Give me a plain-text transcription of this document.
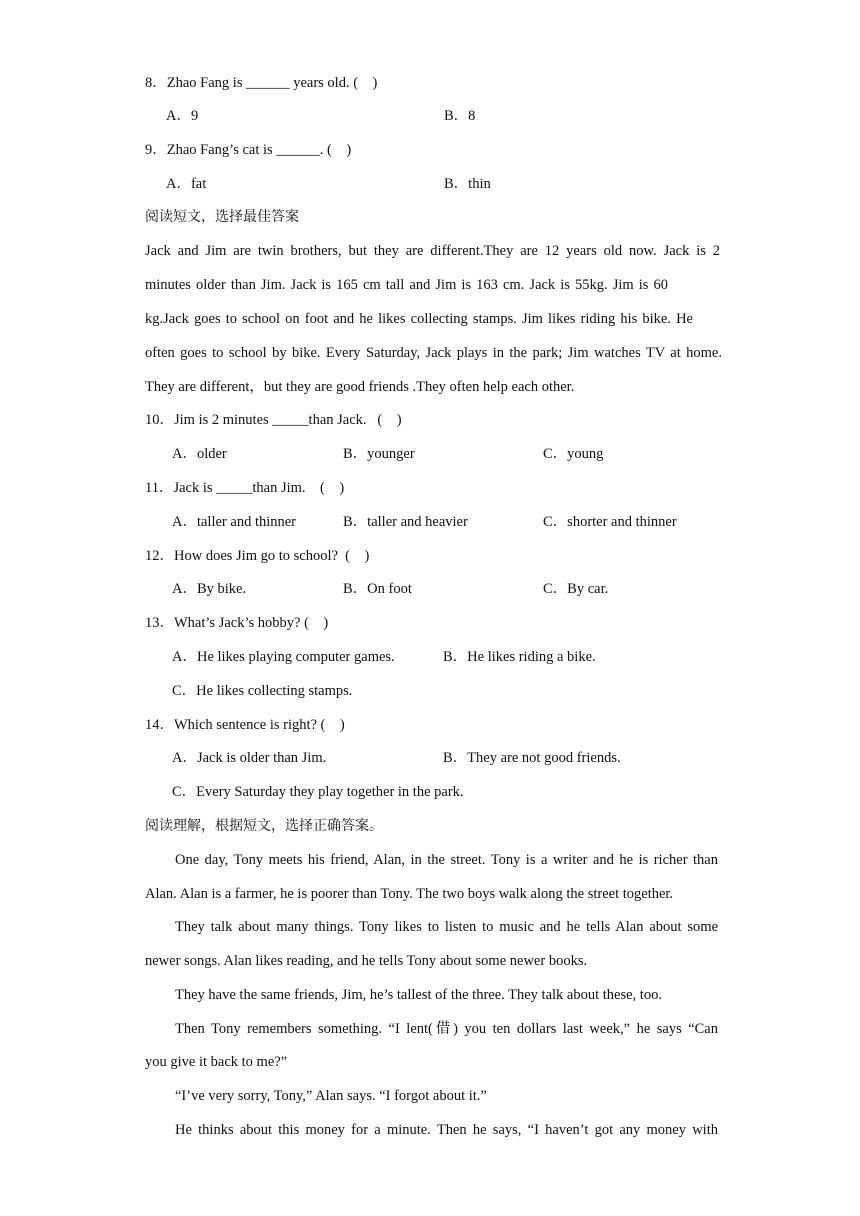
8．Zhao Fang is ______ years old. (    )
A．9	B．8
9．Zhao Fang’s cat is ______. (    )
A．fat	B．thin
阅读短文，选择最佳答案
Jack and Jim are twin brothers, but they are different.They are 12 years old now. Jack is 2
minutes older than Jim. Jack is 165 cm tall and Jim is 163 cm. Jack is 55kg. Jim is 60
kg.Jack goes to school on foot and he likes collecting stamps. Jim likes riding his bike. He
often goes to school by bike. Every Saturday, Jack plays in the park; Jim watches TV at home.
They are different，but they are good friends .They often help each other.
10．Jim is 2 minutes _____than Jack.   (    )
A．older	B．younger	C．young
11．Jack is _____than Jim.    (    )
A．taller and thinner	B．taller and heavier	C．shorter and thinner
12．How does Jim go to school?  (    )
A．By bike.	B．On foot	C．By car.
13．What’s Jack’s hobby? (    )
A．He likes playing computer games.	B．He likes riding a bike.
C．He likes collecting stamps.
14．Which sentence is right? (    )
A．Jack is older than Jim.	B．They are not good friends.
C．Every Saturday they play together in the park.
阅读理解，根据短文，选择正确答案。
One day, Tony meets his friend, Alan, in the street. Tony is a writer and he is richer than
Alan. Alan is a farmer, he is poorer than Tony. The two boys walk along the street together.
They talk about many things. Tony likes to listen to music and he tells Alan about some
newer songs. Alan likes reading, and he tells Tony about some newer books.
They have the same friends, Jim, he’s tallest of the three. They talk about these, too.
Then Tony remembers something. “I lent(借) you ten dollars last week,” he says “Can
you give it back to me?”
“I’ve very sorry, Tony,” Alan says. “I forgot about it.”
He thinks about this money for a minute. Then he says, “I haven’t got any money with
